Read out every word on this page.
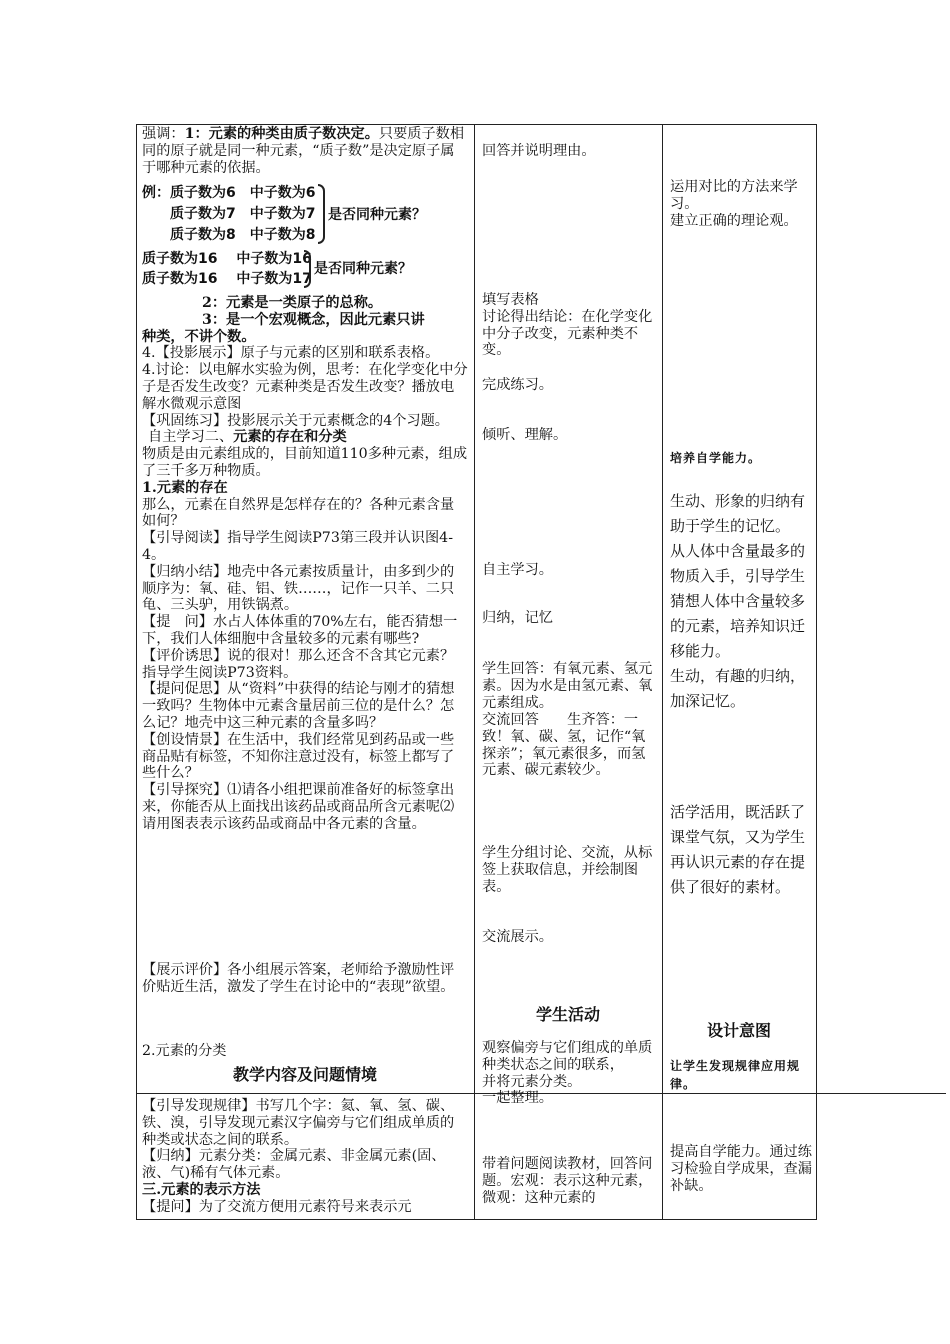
强调：1：元素的种类由质子数决定。只要质子数相同的原子就是同一种元素，“质子数”是决定原子属于哪种元素的依据。

例： 质子数为6　中子数为6
质子数为7　中子数为7
质子数为8　中子数为8
是否同种元素？
质子数为16　 中子数为16
质子数为16　 中子数为17
是否同种元素？

2：元素是一类原子的总称。

3：是一个宏观概念，因此元素只讲

种类，不讲个数。

4.【投影展示】原子与元素的区别和联系表格。

4.讨论：以电解水实验为例，思考：在化学变化中分子是否发生改变？元素种类是否发生改变？播放电解水微观示意图

【巩固练习】投影展示关于元素概念的4个习题。

自主学习二、元素的存在和分类

物质是由元素组成的，目前知道110多种元素，组成了三千多万种物质。

1.元素的存在

那么，元素在自然界是怎样存在的？各种元素含量如何？

【引导阅读】指导学生阅读P73第三段并认识图4-4。

【归纳小结】地壳中各元素按质量计，由多到少的顺序为：氧、硅、铝、铁……，记作一只羊、二只龟、三头驴，用铁锅煮。

【提　问】水占人体体重的70%左右，能否猜想一下，我们人体细胞中含量较多的元素有哪些?

【评价诱思】说的很对！那么还含不含其它元素？指导学生阅读P73资料。

【提问促思】从“资料”中获得的结论与刚才的猜想一致吗？生物体中元素含量居前三位的是什么？怎么记？地壳中这三种元素的含量多吗？

【创设情景】在生活中，我们经常见到药品或一些商品贴有标签，不知你注意过没有，标签上都写了些什么？

【引导探究】⑴请各小组把课前准备好的标签拿出来，你能否从上面找出该药品或商品所含元素呢⑵请用图表表示该药品或商品中各元素的含量。

【展示评价】各小组展示答案，老师给予激励性评价贴近生活，激发了学生在讨论中的“表现”欲望。

2.元素的分类

教学内容及问题情境
学生活动
设计意图
回答并说明理由。

填写表格

讨论得出结论：在化学变化中分子改变，元素种类不变。

完成练习。
倾听、理解。
自主学习。
归纳，记忆
学生回答：有氧元素、氢元素。因为水是由氢元素、氧元素组成。
交流回答　　生齐答：一致！氧、碳、氢，记作“氧探亲”；氧元素很多，而氢元素、碳元素较少。
学生分组讨论、交流，从标签上获取信息，并绘制图表。
交流展示。

观察偏旁与它们组成的单质种类状态之间的联系，

并将元素分类。

一起整理。

带着问题阅读教材，回答问题。宏观：表示这种元素，微观：这种元素的

运用对比的方法来学习。

建立正确的理论观。

培养自学能力。

生动、形象的归纳有助于学生的记忆。

从人体中含量最多的物质入手，引导学生猜想人体中含量较多的元素，培养知识迁移能力。

生动，有趣的归纳，加深记忆。

活学活用，既活跃了课堂气氛，又为学生再认识元素的存在提供了很好的素材。
让学生发现规律应用规律。
提高自学能力。通过练习检验自学成果，查漏补缺。

【引导发现规律】书写几个字：氦、氧、氢、碳、铁、溴，引导发现元素汉字偏旁与它们组成单质的种类或状态之间的联系。

【归纳】元素分类：金属元素、非金属元素(固、液、气)稀有气体元素。

三.元素的表示方法

【提问】为了交流方便用元素符号来表示元
